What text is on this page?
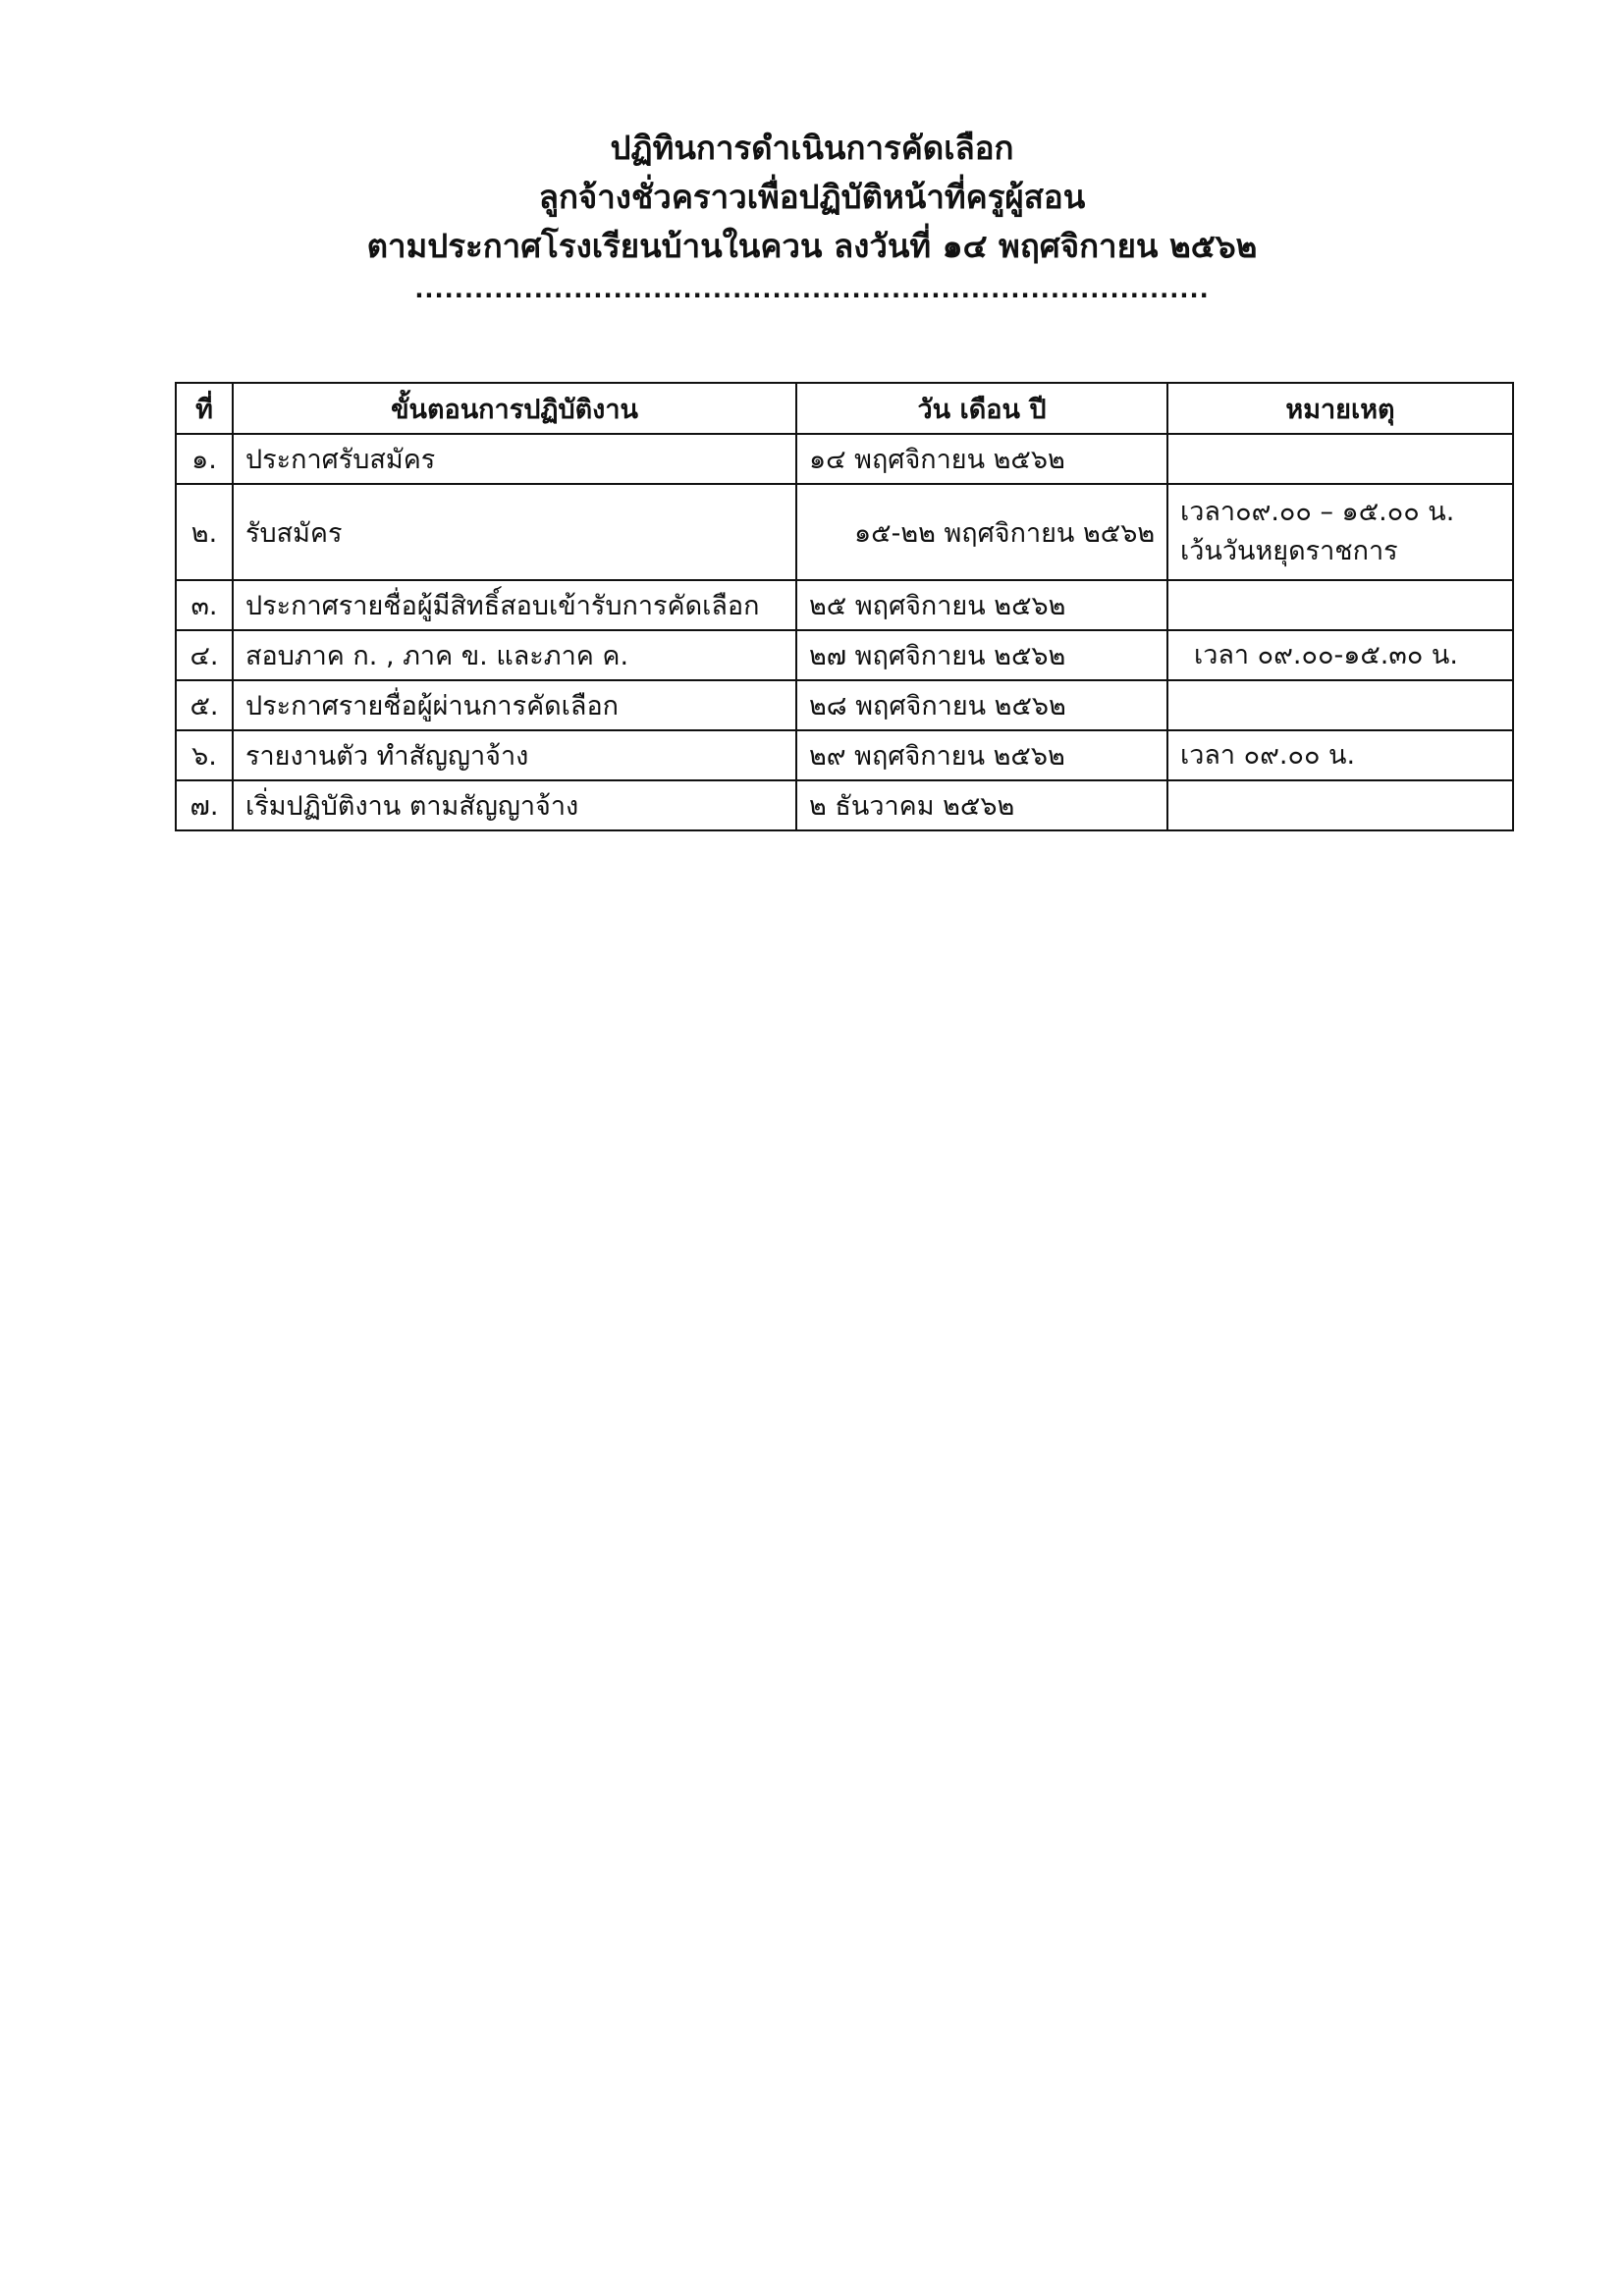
ปฏิทินการดำเนินการคัดเลือก
ลูกจ้างชั่วคราวเพื่อปฏิบัติหน้าที่ครูผู้สอน
ตามประกาศโรงเรียนบ้านในควน ลงวันที่ ๑๔ พฤศจิกายน ๒๕๖๒
................................................................................
ที่	ขั้นตอนการปฏิบัติงาน	วัน เดือน ปี	หมายเหตุ
๑.	ประกาศรับสมัคร	๑๔ พฤศจิกายน ๒๕๖๒	
๒.	รับสมัคร	๑๕-๒๒ พฤศจิกายน ๒๕๖๒	เวลา๐๙.๐๐ – ๑๕.๐๐ น.
เว้นวันหยุดราชการ

๓.	ประกาศรายชื่อผู้มีสิทธิ์สอบเข้ารับการคัดเลือก	๒๕ พฤศจิกายน ๒๕๖๒	
๔.	สอบภาค ก. , ภาค ข. และภาค ค.	๒๗ พฤศจิกายน ๒๕๖๒	เวลา ๐๙.๐๐-๑๕.๓๐ น.

๕.	ประกาศรายชื่อผู้ผ่านการคัดเลือก	๒๘ พฤศจิกายน ๒๕๖๒	
๖.	รายงานตัว ทำสัญญาจ้าง	๒๙ พฤศจิกายน ๒๕๖๒	เวลา ๐๙.๐๐ น.

๗.	เริ่มปฏิบัติงาน ตามสัญญาจ้าง	๒ ธันวาคม ๒๕๖๒	
